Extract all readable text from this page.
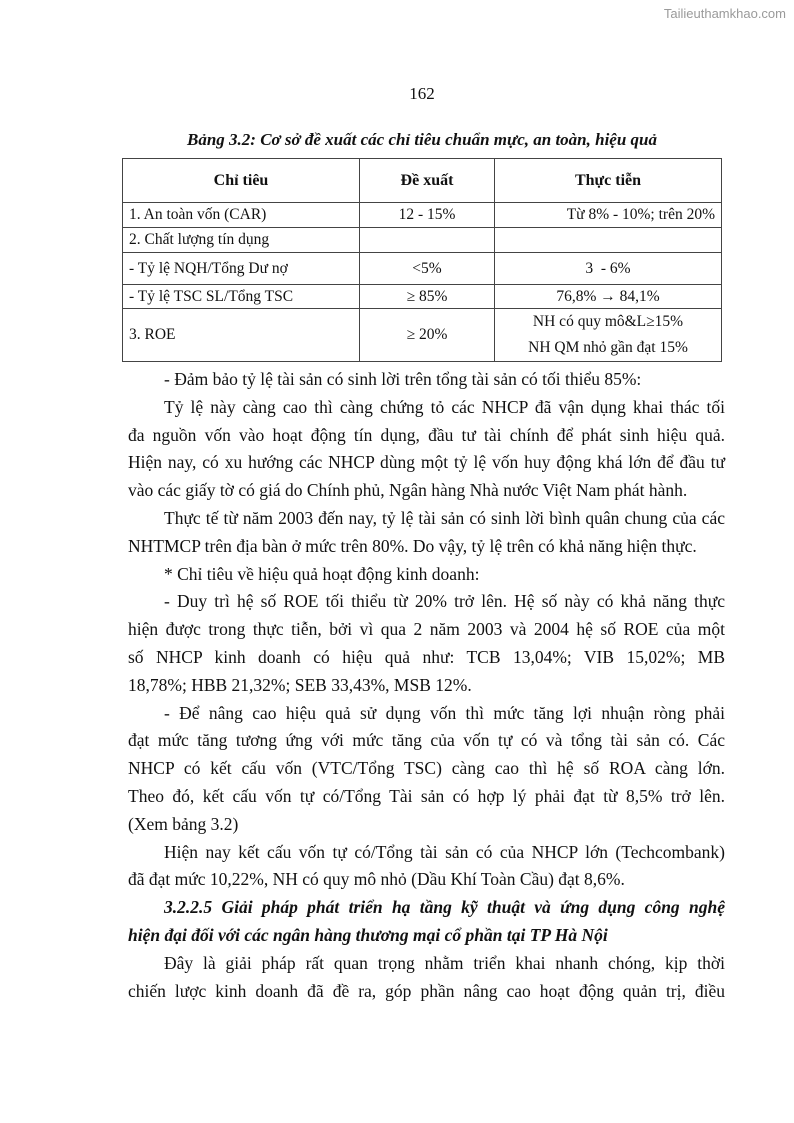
Tailieuthamkhao.com
162
Bảng 3.2: Cơ sở đề xuất các chỉ tiêu chuẩn mực, an toàn, hiệu quả
Chỉ tiêu	Đề xuất	Thực tiễn
1. An toàn vốn (CAR)	12 - 15%	Từ 8% - 10%; trên 20%
2. Chất lượng tín dụng		
- Tỷ lệ NQH/Tổng Dư nợ	<5%	3  - 6%
- Tỷ lệ TSC SL/Tổng TSC	≥ 85%	76,8% → 84,1%
3. ROE	≥ 20%	NH có quy mô&L≥15%
NH QM nhỏ gần đạt 15%
- Đảm bảo tỷ lệ tài sản có sinh lời trên tổng tài sản có tối thiểu 85%:
Tỷ lệ này càng cao thì càng chứng tỏ các NHCP đã vận dụng khai thác tối
đa nguồn vốn vào hoạt động tín dụng, đầu tư tài chính để phát sinh hiệu quả.
Hiện nay, có xu hướng các NHCP dùng một tỷ lệ vốn huy động khá lớn để đầu tư
vào các giấy tờ có giá do Chính phủ, Ngân hàng Nhà nước Việt Nam phát hành.
Thực tế từ năm 2003 đến nay, tỷ lệ tài sản có sinh lời bình quân chung của các
NHTMCP trên địa bàn ở mức trên 80%. Do vậy, tỷ lệ trên có khả năng hiện thực.
* Chỉ tiêu về hiệu quả hoạt động kinh doanh:
- Duy trì hệ số ROE tối thiểu từ 20% trở lên. Hệ số này có khả năng thực
hiện được trong thực tiễn, bởi vì qua 2 năm 2003 và 2004 hệ số ROE của một
số NHCP kinh doanh có hiệu quả như: TCB 13,04%; VIB 15,02%; MB
18,78%; HBB 21,32%; SEB 33,43%, MSB 12%.
- Để nâng cao hiệu quả sử dụng vốn thì mức tăng lợi nhuận ròng phải
đạt mức tăng tương ứng với mức tăng của vốn tự có và tổng tài sản có. Các
NHCP có kết cấu vốn (VTC/Tổng TSC) càng cao thì hệ số ROA càng lớn.
Theo đó, kết cấu vốn tự có/Tổng Tài sản có hợp lý phải đạt từ 8,5% trở lên.
(Xem bảng 3.2)
Hiện nay kết cấu vốn tự có/Tổng tài sản có của NHCP lớn (Techcombank)
đã đạt mức 10,22%, NH có quy mô nhỏ (Dầu Khí Toàn Cầu) đạt 8,6%.
3.2.2.5 Giải pháp phát triển hạ tầng kỹ thuật và ứng dụng công nghệ
hiện đại đối với các ngân hàng thương mại cổ phần tại TP Hà Nội
Đây là giải pháp rất quan trọng nhằm triển khai nhanh chóng, kịp thời
chiến lược kinh doanh đã đề ra, góp phần nâng cao hoạt động quản trị, điều
